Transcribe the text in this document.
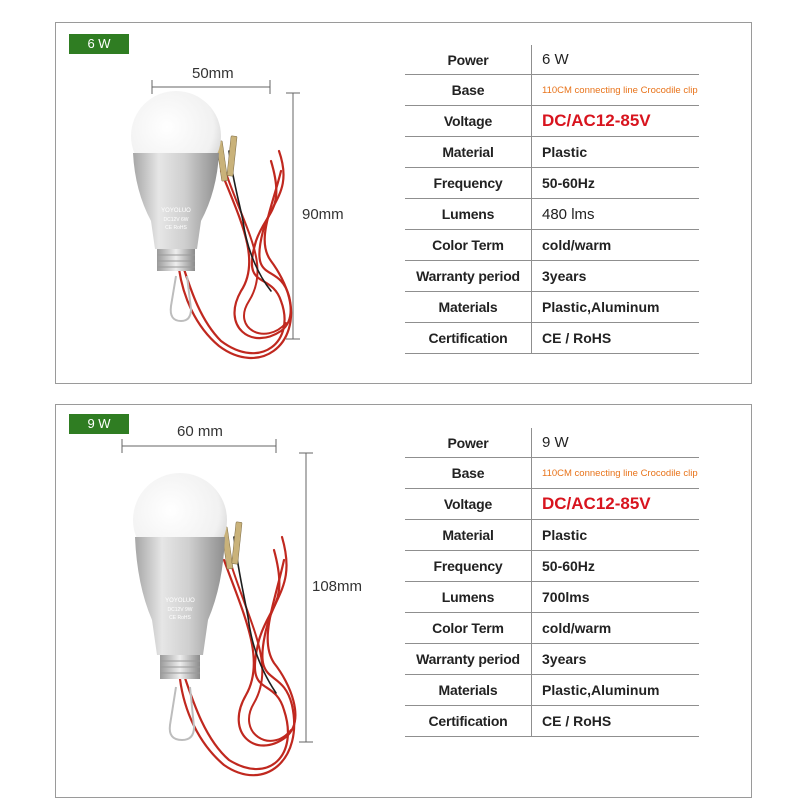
6 W
50mm
90mm
YOYOLUO
DC12V 6W
CE RoHS
Power	6 W
Base	110CM connecting line Crocodile clip
Voltage	DC/AC12-85V
Material	Plastic
Frequency	50-60Hz
Lumens	480 lms
Color Term	cold/warm
Warranty period	3years
Materials	Plastic,Aluminum
Certification	CE / RoHS
9 W	60 mm
108mm
YOYOLUO
DC12V 9W
CE RoHS
Power	9 W
Base	110CM connecting line Crocodile clip
Voltage	DC/AC12-85V
Material	Plastic
Frequency	50-60Hz
Lumens	700lms
Color Term	cold/warm
Warranty period	3years
Materials	Plastic,Aluminum
Certification	CE / RoHS
